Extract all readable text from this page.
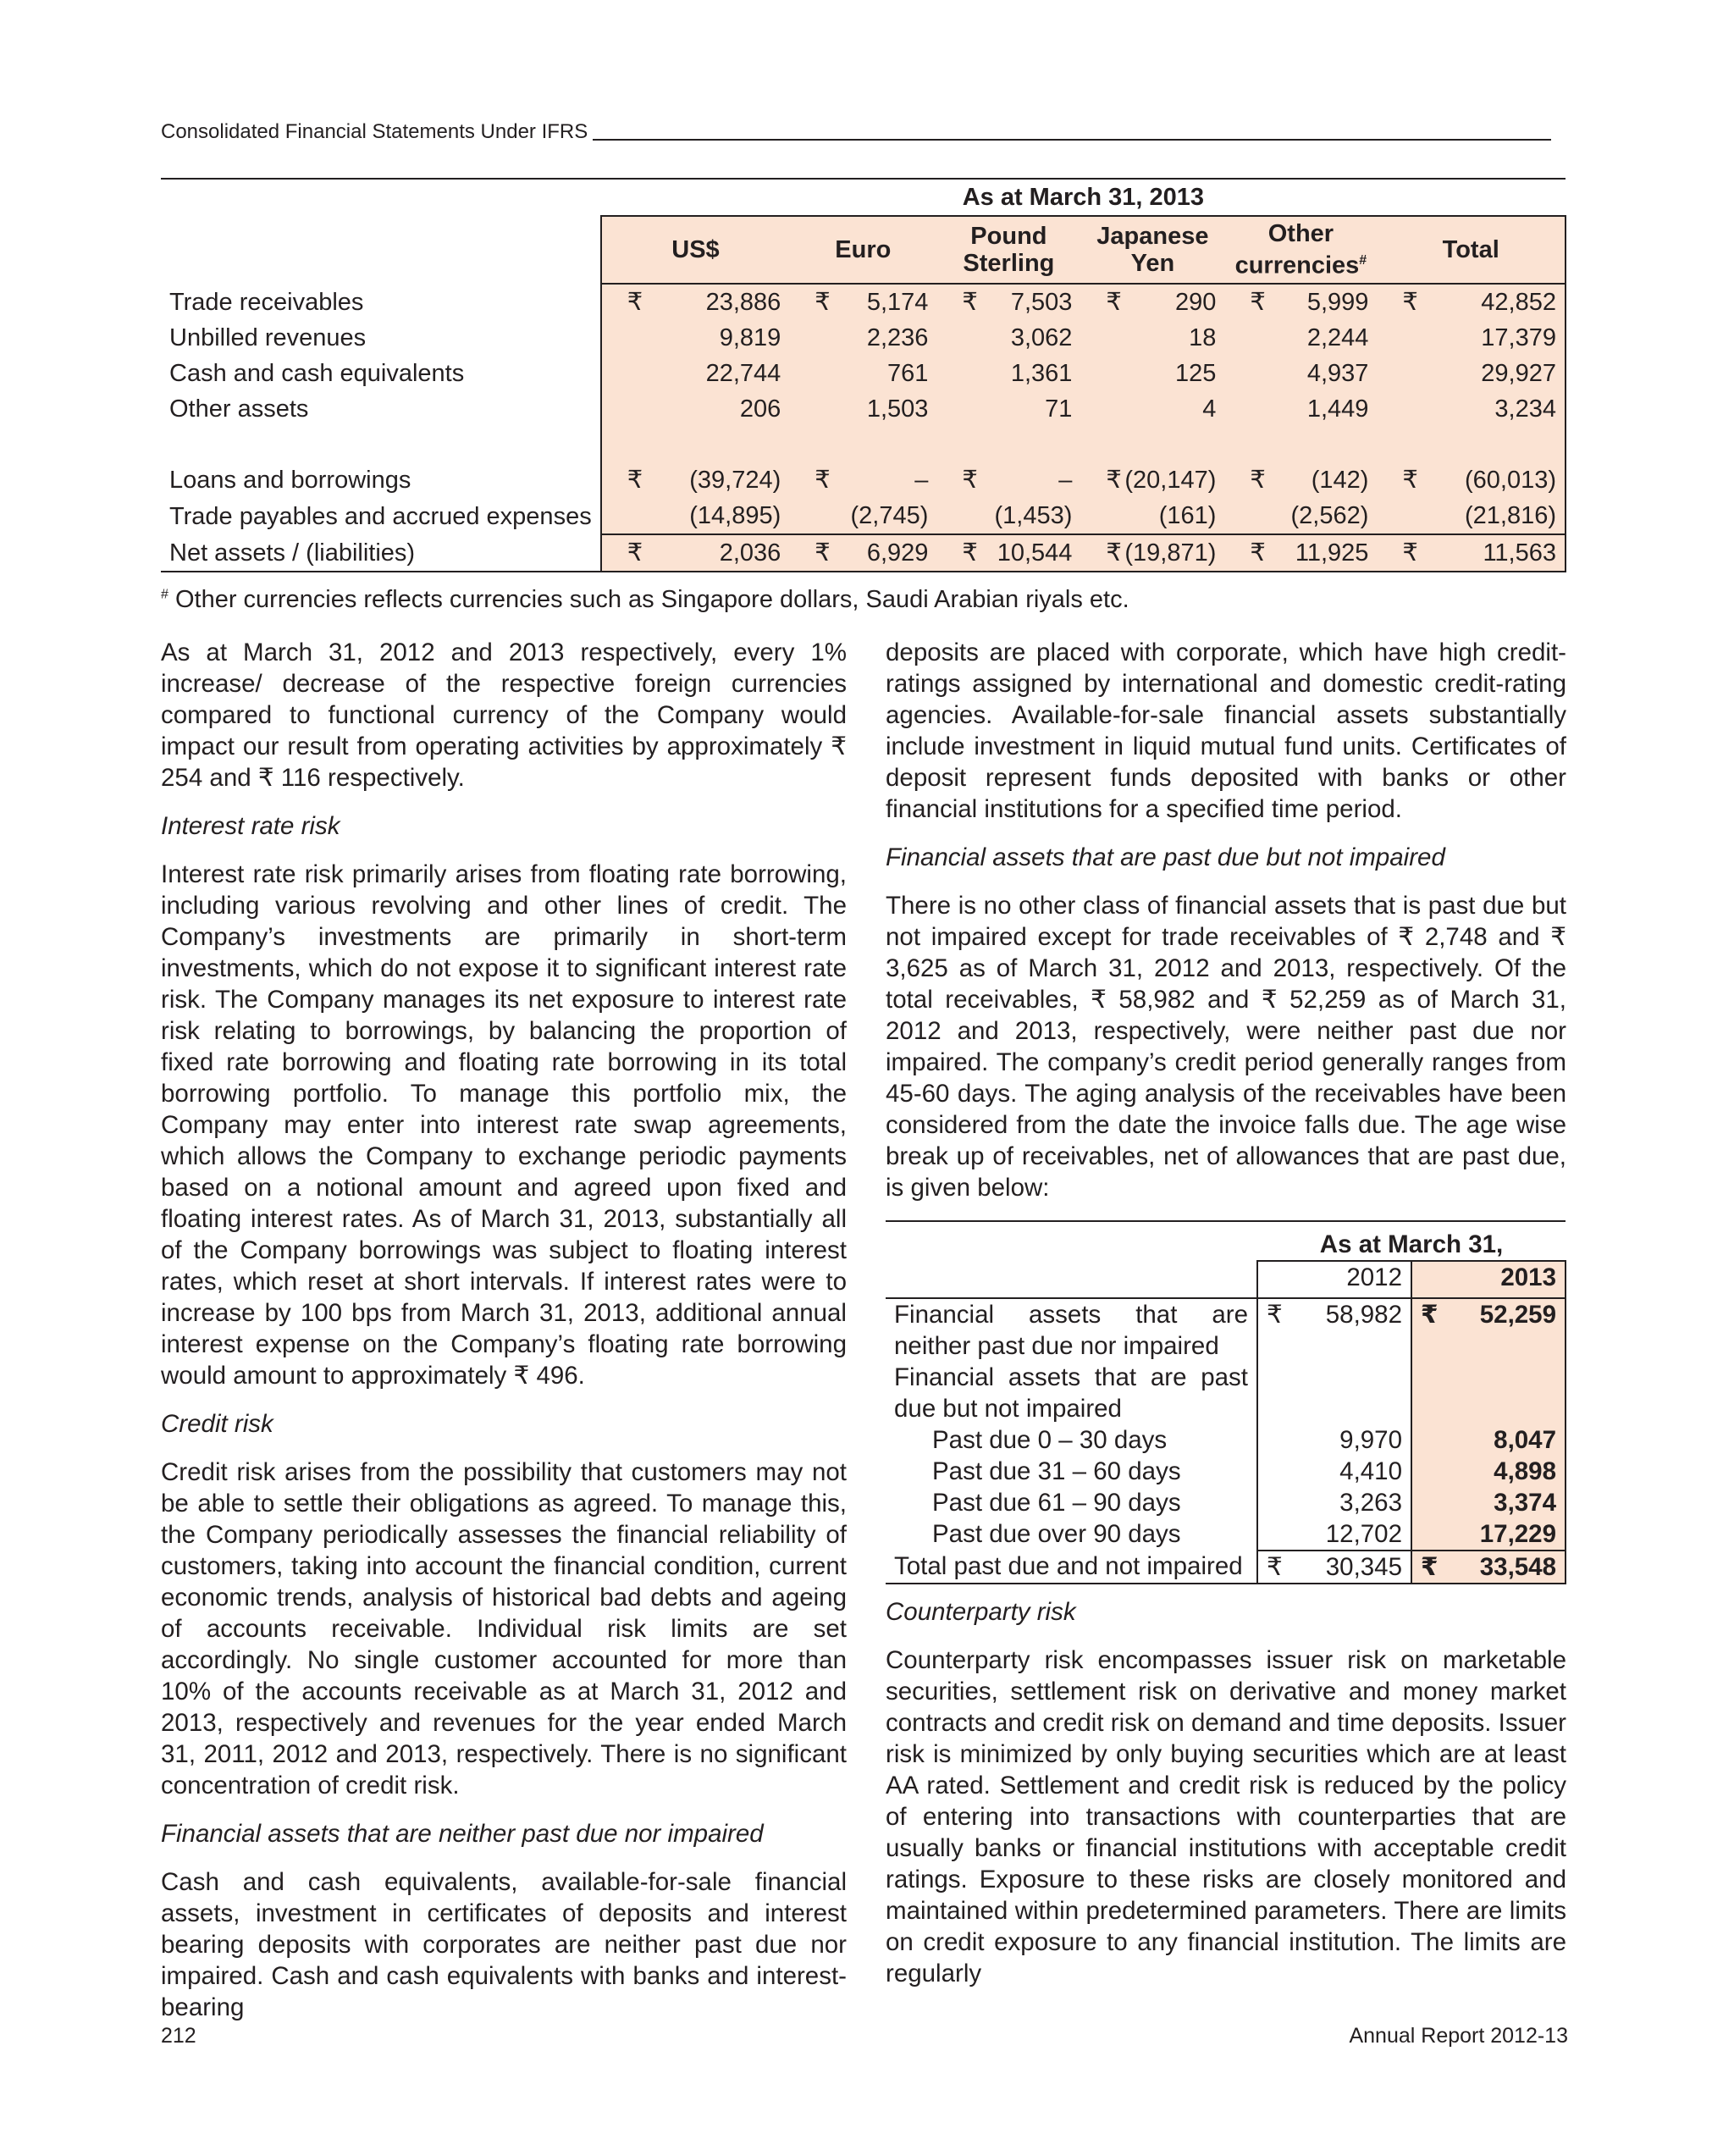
Consolidated Financial Statements Under IFRS
	As at March 31, 2013					
	US$	Euro	Pound Sterling	Japanese Yen	Other currencies#	Total
Trade receivables	₹ 23,886	₹ 5,174	₹ 7,503	₹ 290	₹ 5,999	₹ 42,852
Unbilled revenues	9,819	2,236	3,062	18	2,244	17,379
Cash and cash equivalents	22,744	761	1,361	125	4,937	29,927
Other assets	206	1,503	71	4	1,449	3,234

Loans and borrowings	₹ (39,724)	₹ –	₹ –	₹ (20,147)	₹ (142)	₹ (60,013)
Trade payables and accrued expenses	(14,895)	(2,745)	(1,453)	(161)	(2,562)	(21,816)
Net assets / (liabilities)	₹ 2,036	₹ 6,929	₹ 10,544	₹ (19,871)	₹ 11,925	₹ 11,563
# Other currencies reflects currencies such as Singapore dollars, Saudi Arabian riyals etc.

As at March 31, 2012 and 2013 respectively, every 1% increase/ decrease of the respective foreign currencies compared to functional currency of the Company would impact our result from operating activities by approximately ₹ 254 and ₹ 116 respectively.

Interest rate risk

Interest rate risk primarily arises from floating rate borrowing, including various revolving and other lines of credit. The Company’s investments are primarily in short-term investments, which do not expose it to significant interest rate risk. The Company manages its net exposure to interest rate risk relating to borrowings, by balancing the proportion of fixed rate borrowing and floating rate borrowing in its total borrowing portfolio. To manage this portfolio mix, the Company may enter into interest rate swap agreements, which allows the Company to exchange periodic payments based on a notional amount and agreed upon fixed and floating interest rates. As of March 31, 2013, substantially all of the Company borrowings was subject to floating interest rates, which reset at short intervals. If interest rates were to increase by 100 bps from March 31, 2013, additional annual interest expense on the Company’s floating rate borrowing would amount to approximately ₹ 496.

Credit risk

Credit risk arises from the possibility that customers may not be able to settle their obligations as agreed. To manage this, the Company periodically assesses the financial reliability of customers, taking into account the financial condition, current economic trends, analysis of historical bad debts and ageing of accounts receivable. Individual risk limits are set accordingly. No single customer accounted for more than 10% of the accounts receivable as at March 31, 2012 and 2013, respectively and revenues for the year ended March 31, 2011, 2012 and 2013, respectively. There is no significant concentration of credit risk.

Financial assets that are neither past due nor impaired

Cash and cash equivalents, available-for-sale financial assets, investment in certificates of deposits and interest bearing deposits with corporates are neither past due nor impaired. Cash and cash equivalents with banks and interest-bearing

deposits are placed with corporate, which have high credit-ratings assigned by international and domestic credit-rating agencies. Available-for-sale financial assets substantially include investment in liquid mutual fund units. Certificates of deposit represent funds deposited with banks or other financial institutions for a specified time period.

Financial assets that are past due but not impaired

There is no other class of financial assets that is past due but not impaired except for trade receivables of ₹ 2,748 and ₹ 3,625 as of March 31, 2012 and 2013, respectively. Of the total receivables, ₹ 58,982 and ₹ 52,259 as of March 31, 2012 and 2013, respectively, were neither past due nor impaired. The company’s credit period generally ranges from 45-60 days. The aging analysis of the receivables have been considered from the date the invoice falls due. The age wise break up of receivables, net of allowances that are past due, is given below:

	As at March 31,	
	2012	2013
Financial assets that are neither past due nor impaired	₹ 58,982	₹ 52,259
Financial assets that are past due but not impaired		
Past due 0 – 30 days	9,970	8,047
Past due 31 – 60 days	4,410	4,898
Past due 61 – 90 days	3,263	3,374
Past due over 90 days	12,702	17,229
Total past due and not impaired	₹ 30,345	₹ 33,548

Counterparty risk

Counterparty risk encompasses issuer risk on marketable securities, settlement risk on derivative and money market contracts and credit risk on demand and time deposits. Issuer risk is minimized by only buying securities which are at least AA rated. Settlement and credit risk is reduced by the policy of entering into transactions with counterparties that are usually banks or financial institutions with acceptable credit ratings. Exposure to these risks are closely monitored and maintained within predetermined parameters. There are limits on credit exposure to any financial institution. The limits are regularly

212	Annual Report 2012-13
